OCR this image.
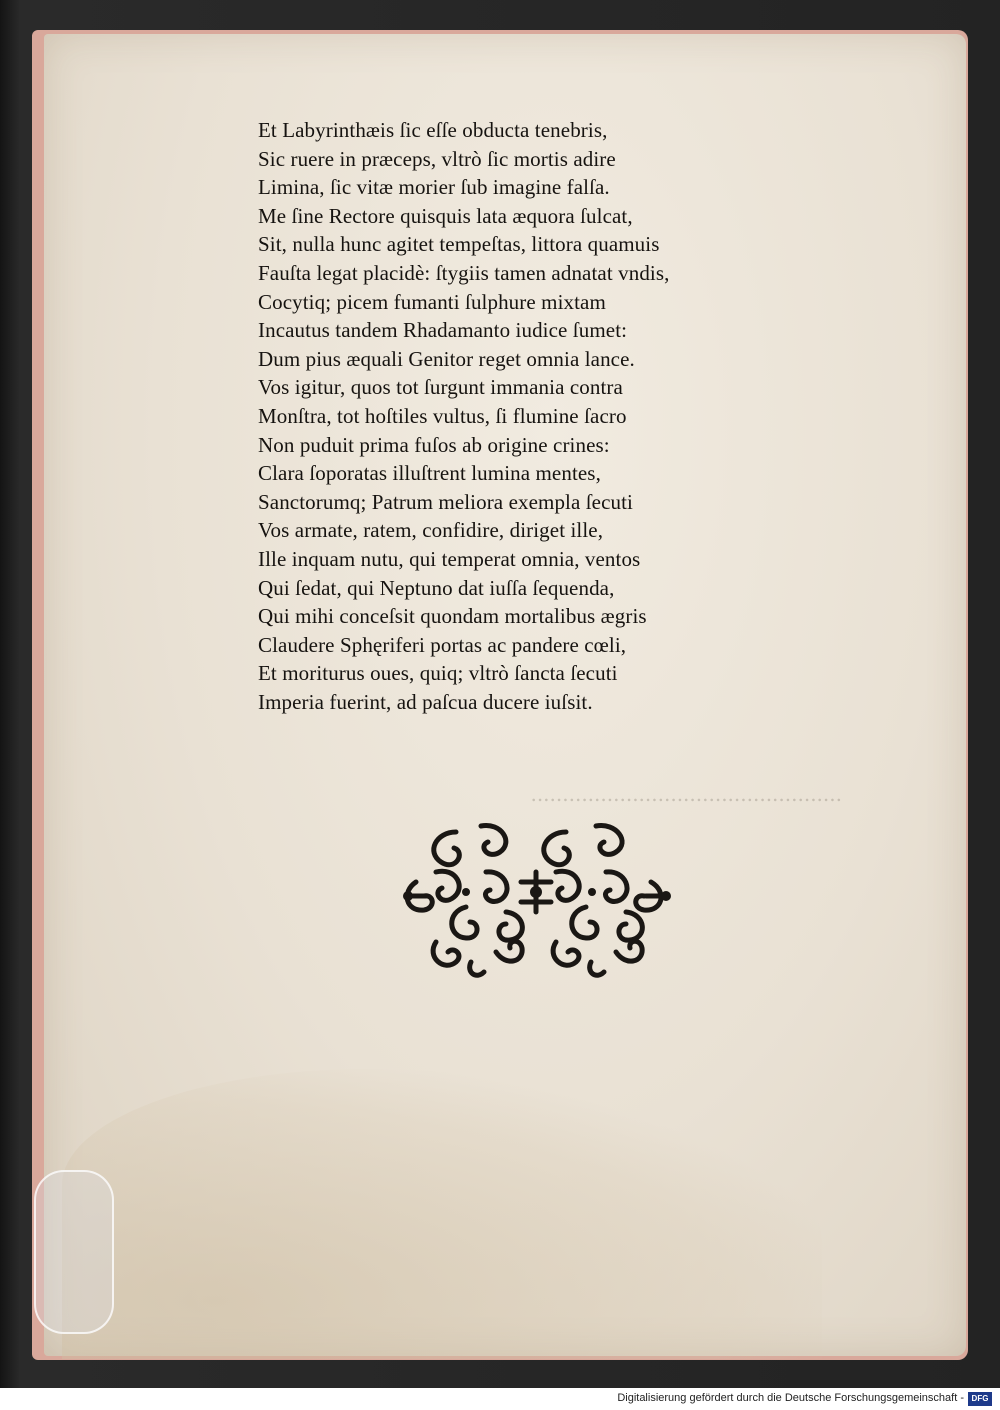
.................................................

Et Labyrinthæis ſic eſſe obducta tenebris,
Sic ruere in præceps, vltrò ſic mortis adire
Limina, ſic vitæ morier ſub imagine falſa.
Me ſine Rectore quisquis lata æquora ſulcat,
Sit, nulla hunc agitet tempeſtas, littora quamuis
Fauſta legat placidè: ſtygiis tamen adnatat vndis,
Cocytiq; picem fumanti ſulphure mixtam
Incautus tandem Rhadamanto iudice ſumet:
Dum pius æquali Genitor reget omnia lance.
Vos igitur, quos tot ſurgunt immania contra
Monſtra, tot hoſtiles vultus, ſi flumine ſacro
Non puduit prima fuſos ab origine crines:
Clara ſoporatas illuſtrent lumina mentes,
Sanctorumq; Patrum meliora exempla ſecuti
Vos armate, ratem, confidire, diriget ille,
Ille inquam nutu, qui temperat omnia, ventos
Qui ſedat, qui Neptuno dat iuſſa ſequenda,
Qui mihi conceſsit quondam mortalibus ægris
Claudere Sphęriferi portas ac pandere cœli,
Et moriturus oues, quiq; vltrò ſancta ſecuti
Imperia fuerint, ad paſcua ducere iuſsit.
Digitalisierung gefördert durch die Deutsche Forschungsgemeinschaft - DFG
